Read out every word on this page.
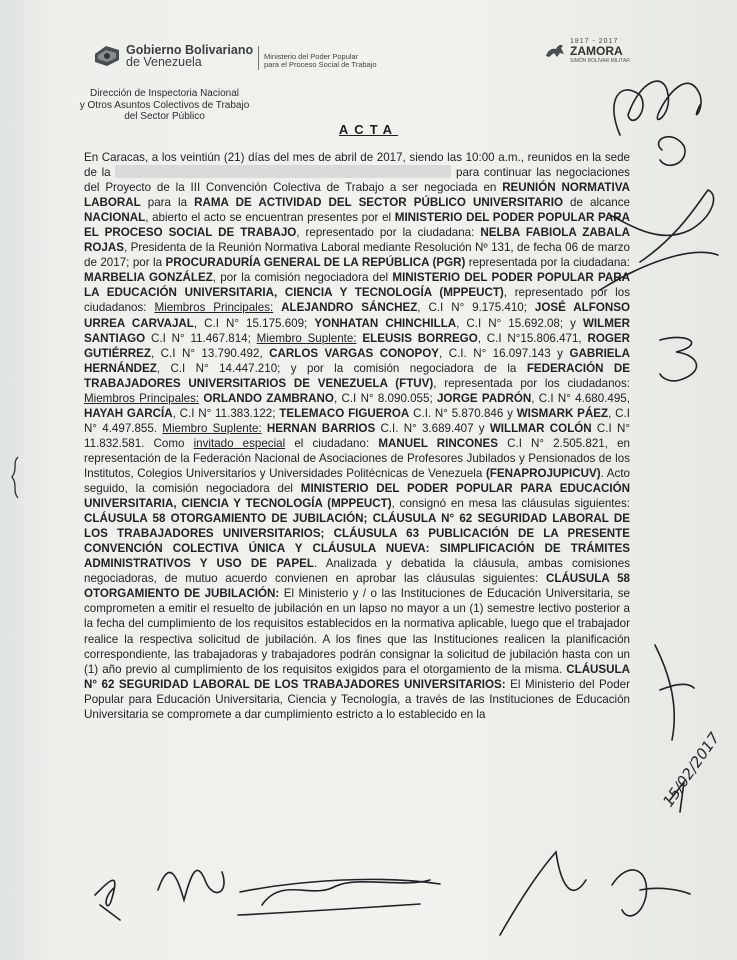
Gobierno Bolivariano
de Venezuela	Ministerio del Poder Popular
para el Proceso Social de Trabajo
1817 - 2017
ZAMORA
SIMÓN BOLÍVAR MILITAR
Dirección de Inspectoria Nacional
y Otros Asuntos Colectivos de Trabajo
del Sector Público
ACTA

En Caracas, a los veintiún (21) días del mes de abril de 2017, siendo las 10:00 a.m., reunidos en la sede de la	para continuar las negociaciones del Proyecto de la III Convención Colectiva de Trabajo a ser negociada en REUNIÓN NORMATIVA LABORAL para la RAMA DE ACTIVIDAD DEL SECTOR PÚBLICO UNIVERSITARIO de alcance NACIONAL, abierto el acto se encuentran presentes por el MINISTERIO DEL PODER POPULAR PARA EL PROCESO SOCIAL DE TRABAJO, representado por la ciudadana: NELBA FABIOLA ZABALA ROJAS, Presidenta de la Reunión Normativa Laboral mediante Resolución Nº 131, de fecha 06 de marzo de 2017; por la PROCURADURÍA GENERAL DE LA REPÚBLICA (PGR) representada por la ciudadana: MARBELIA GONZÁLEZ, por la comisión negociadora del MINISTERIO DEL PODER POPULAR PARA LA EDUCACIÓN UNIVERSITARIA, CIENCIA Y TECNOLOGÍA (MPPEUCT), representado por los ciudadanos: Miembros Principales: ALEJANDRO SÁNCHEZ, C.I N° 9.175.410; JOSÉ ALFONSO URREA CARVAJAL, C.I N° 15.175.609; YONHATAN CHINCHILLA, C.I N° 15.692.08; y WILMER SANTIAGO C.I N° 11.467.814; Miembro Suplente: ELEUSIS BORREGO, C.I N°15.806.471, ROGER GUTIÉRREZ, C.I N° 13.790.492, CARLOS VARGAS CONOPOY, C.I. N° 16.097.143 y GABRIELA HERNÁNDEZ, C.I N° 14.447.210; y por la comisión negociadora de la FEDERACIÓN DE TRABAJADORES UNIVERSITARIOS DE VENEZUELA (FTUV), representada por los ciudadanos: Miembros Principales: ORLANDO ZAMBRANO, C.I N° 8.090.055; JORGE PADRÓN, C.I N° 4.680.495, HAYAH GARCÍA, C.I N° 11.383.122; TELEMACO FIGUEROA C.I. N° 5.870.846 y WISMARK PÁEZ, C.I N° 4.497.855. Miembro Suplente: HERNAN BARRIOS C.I. N° 3.689.407 y WILLMAR COLÓN C.I N° 11.832.581. Como invitado especial el ciudadano: MANUEL RINCONES C.I N° 2.505.821, en representación de la Federación Nacional de Asociaciones de Profesores Jubilados y Pensionados de los Institutos, Colegios Universitarios y Universidades Politécnicas de Venezuela (FENAPROJUPICUV). Acto seguido, la comisión negociadora del MINISTERIO DEL PODER POPULAR PARA EDUCACIÓN UNIVERSITARIA, CIENCIA Y TECNOLOGÍA (MPPEUCT), consignó en mesa las cláusulas siguientes: CLÁUSULA 58 OTORGAMIENTO DE JUBILACIÓN; CLÁUSULA N° 62 SEGURIDAD LABORAL DE LOS TRABAJADORES UNIVERSITARIOS; CLÁUSULA 63 PUBLICACIÓN DE LA PRESENTE CONVENCIÓN COLECTIVA ÚNICA Y CLÁUSULA NUEVA: SIMPLIFICACIÓN DE TRÁMITES ADMINISTRATIVOS Y USO DE PAPEL. Analizada y debatida la cláusula, ambas comisiones negociadoras, de mutuo acuerdo convienen en aprobar las cláusulas siguientes: CLÁUSULA 58 OTORGAMIENTO DE JUBILACIÓN: El Ministerio y / o las Instituciones de Educación Universitaria, se comprometen a emitir el resuelto de jubilación en un lapso no mayor a un (1) semestre lectivo posterior a la fecha del cumplimiento de los requisitos establecidos en la normativa aplicable, luego que el trabajador realice la respectiva solicitud de jubilación. A los fines que las Instituciones realicen la planificación correspondiente, las trabajadoras y trabajadores podrán consignar la solicitud de jubilación hasta con un (1) año previo al cumplimiento de los requisitos exigidos para el otorgamiento de la misma. CLÁUSULA N° 62 SEGURIDAD LABORAL DE LOS TRABAJADORES UNIVERSITARIOS: El Ministerio del Poder Popular para Educación Universitaria, Ciencia y Tecnología, a través de las Instituciones de Educación Universitaria se compromete a dar cumplimiento estricto a lo establecido en la

15/02/2017
